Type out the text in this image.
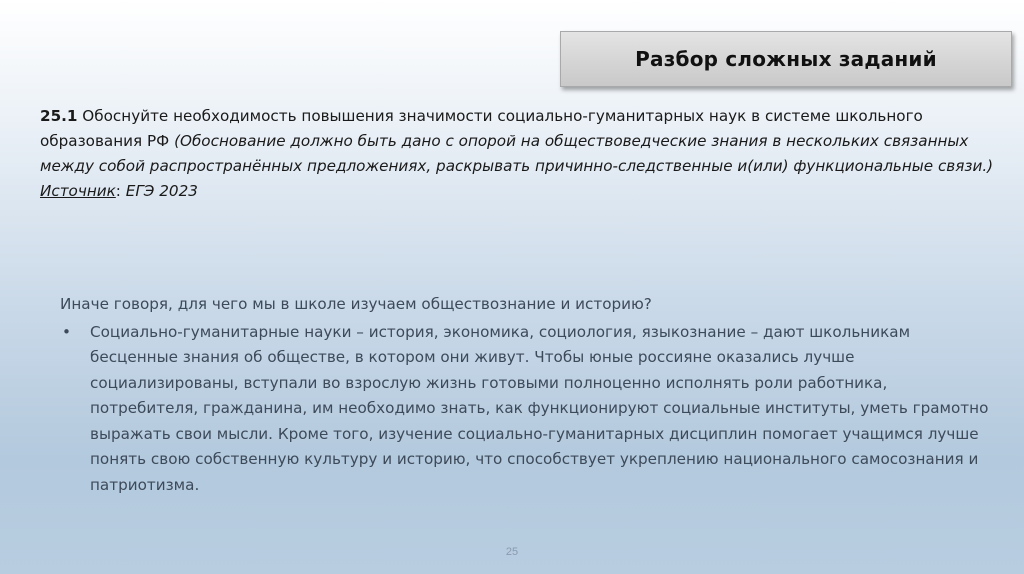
Разбор сложных заданий
25.1 Обоснуйте необходимость повышения значимости социально-гуманитарных наук в системе школьного образования РФ (Обоснование должно быть дано с опорой на обществоведческие знания в нескольких связанных между собой распространённых предложениях, раскрывать причинно-следственные и(или) функциональные связи.)
Источник: ЕГЭ 2023

Иначе говоря, для чего мы в школе изучаем обществознание и историю?

•	Социально-гуманитарные науки – история, экономика, социология, языкознание – дают школьникам бесценные знания об обществе, в котором они живут. Чтобы юные россияне оказались лучше социализированы, вступали во взрослую жизнь готовыми полноценно исполнять роли работника, потребителя, гражданина, им необходимо знать, как функционируют социальные институты, уметь грамотно выражать свои мысли. Кроме того, изучение социально-гуманитарных дисциплин помогает учащимся лучше понять свою собственную культуру и историю, что способствует укреплению национального самосознания и патриотизма.
25
